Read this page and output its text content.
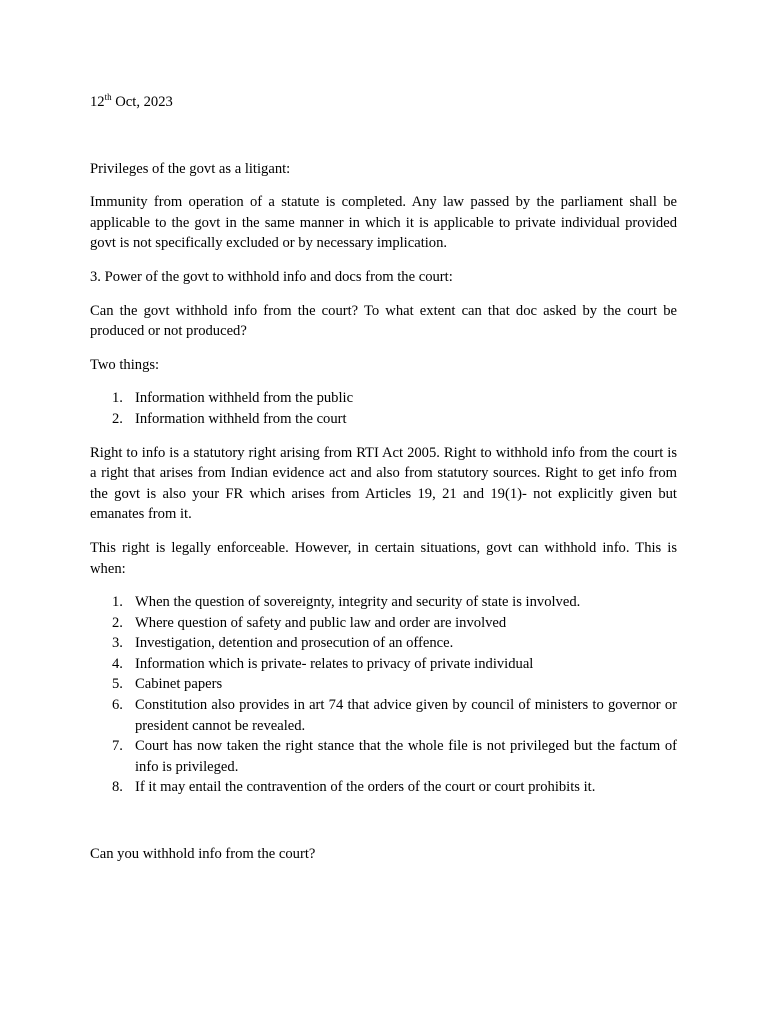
12th Oct, 2023

Privileges of the govt as a litigant:

Immunity from operation of a statute is completed. Any law passed by the parliament shall be applicable to the govt in the same manner in which it is applicable to private individual provided govt is not specifically excluded or by necessary implication.

3. Power of the govt to withhold info and docs from the court:

Can the govt withhold info from the court? To what extent can that doc asked by the court be produced or not produced?

Two things:

1. Information withheld from the public
2. Information withheld from the court

Right to info is a statutory right arising from RTI Act 2005. Right to withhold info from the court is a right that arises from Indian evidence act and also from statutory sources. Right to get info from the govt is also your FR which arises from Articles 19, 21 and 19(1)- not explicitly given but emanates from it.

This right is legally enforceable. However, in certain situations, govt can withhold info. This is when:

1. When the question of sovereignty, integrity and security of state is involved.
2. Where question of safety and public law and order are involved
3. Investigation, detention and prosecution of an offence.
4. Information which is private- relates to privacy of private individual
5. Cabinet papers
6. Constitution also provides in art 74 that advice given by council of ministers to governor or president cannot be revealed.
7. Court has now taken the right stance that the whole file is not privileged but the factum of info is privileged.
8. If it may entail the contravention of the orders of the court or court prohibits it.

Can you withhold info from the court?
